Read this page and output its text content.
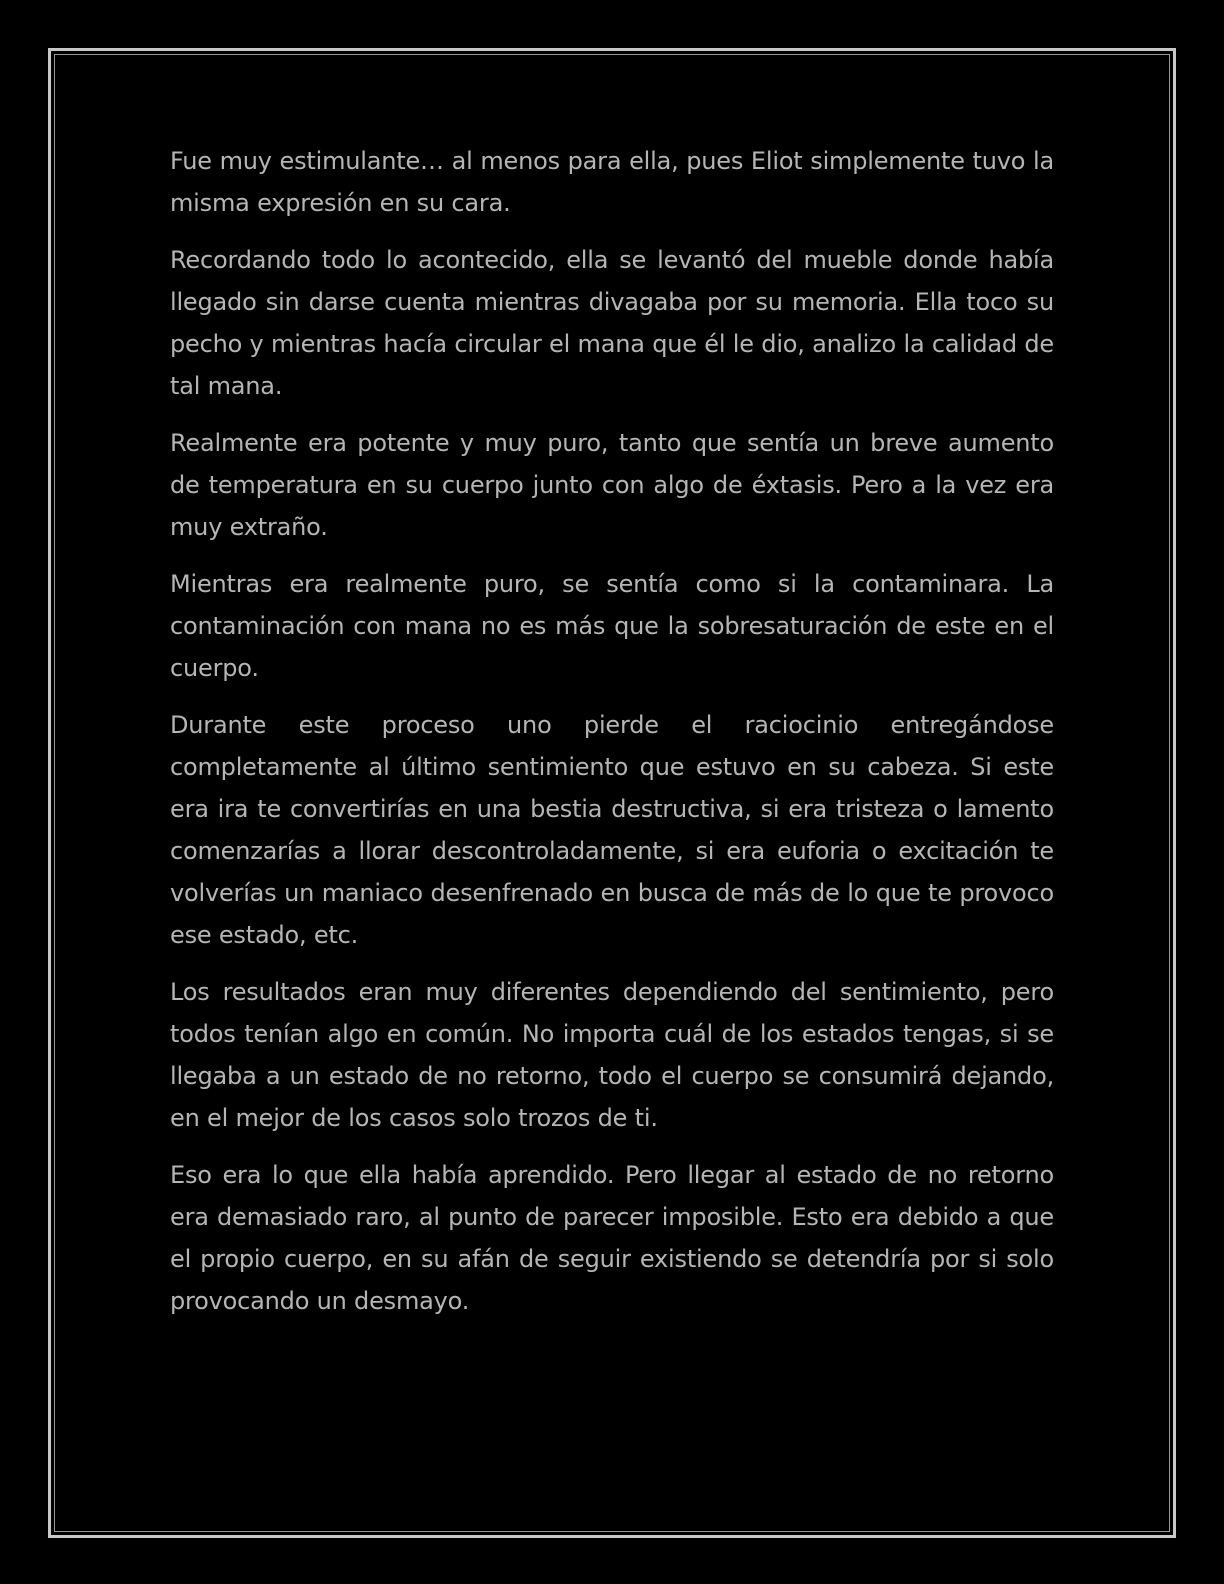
Fue muy estimulante… al menos para ella, pues Eliot simplemente tuvo la misma expresión en su cara.

Recordando todo lo acontecido, ella se levantó del mueble donde había llegado sin darse cuenta mientras divagaba por su memoria. Ella toco su pecho y mientras hacía circular el mana que él le dio, analizo la calidad de tal mana.

Realmente era potente y muy puro, tanto que sentía un breve aumento de temperatura en su cuerpo junto con algo de éxtasis. Pero a la vez era muy extraño.

Mientras era realmente puro, se sentía como si la contaminara. La contaminación con mana no es más que la sobresaturación de este en el cuerpo.

Durante este proceso uno pierde el raciocinio entregándose completamente al último sentimiento que estuvo en su cabeza. Si este era ira te convertirías en una bestia destructiva, si era tristeza o lamento comenzarías a llorar descontroladamente, si era euforia o excitación te volverías un maniaco desenfrenado en busca de más de lo que te provoco ese estado, etc.

Los resultados eran muy diferentes dependiendo del sentimiento, pero todos tenían algo en común. No importa cuál de los estados tengas, si se llegaba a un estado de no retorno, todo el cuerpo se consumirá dejando, en el mejor de los casos solo trozos de ti.

Eso era lo que ella había aprendido. Pero llegar al estado de no retorno era demasiado raro, al punto de parecer imposible. Esto era debido a que el propio cuerpo, en su afán de seguir existiendo se detendría por si solo provocando un desmayo.
